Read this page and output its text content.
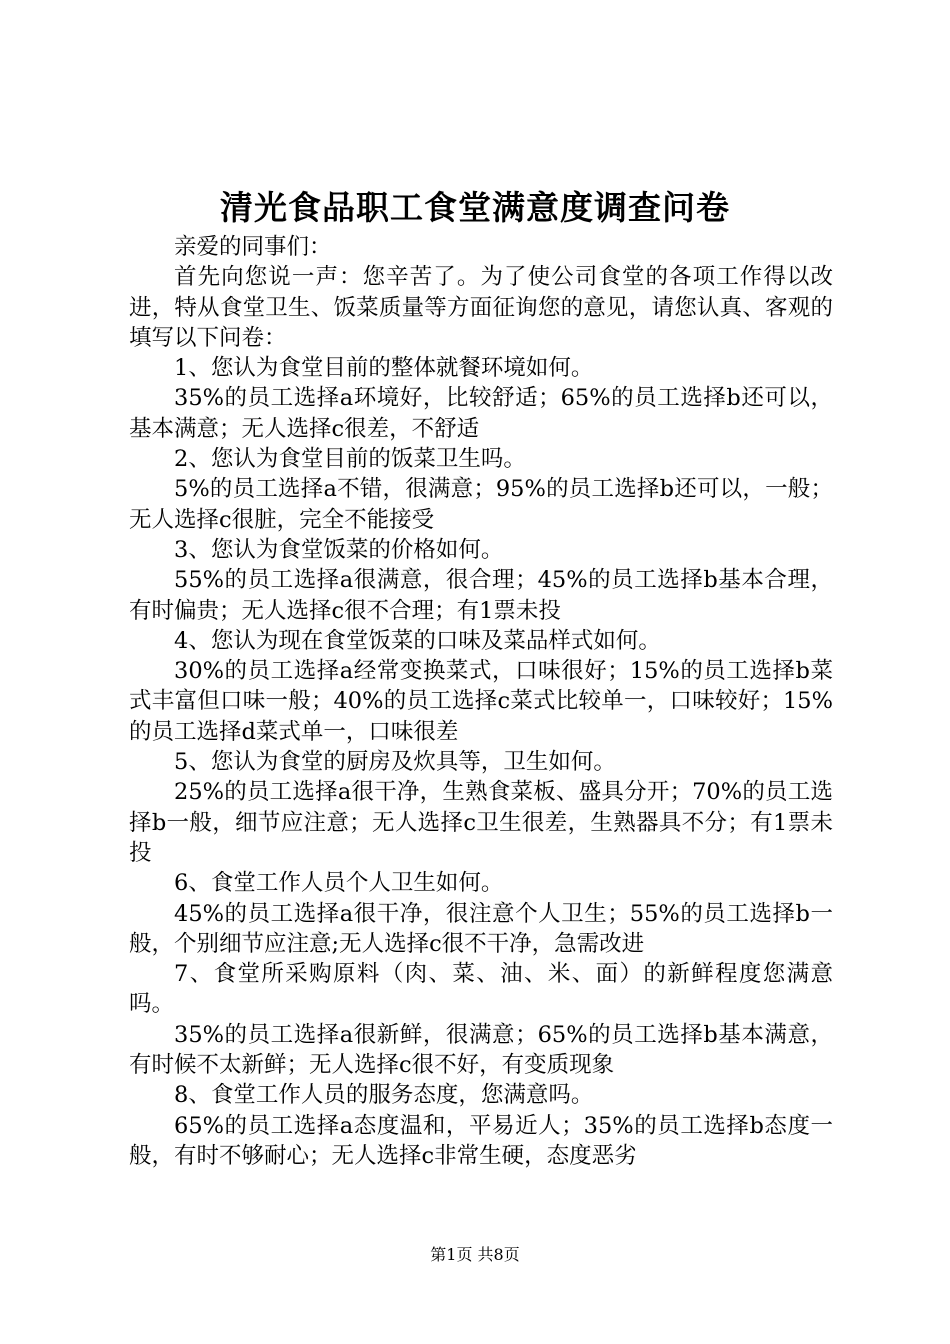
清光食品职工食堂满意度调查问卷

亲爱的同事们：

首先向您说一声：您辛苦了。为了使公司食堂的各项工作得以改进，特从食堂卫生、饭菜质量等方面征询您的意见，请您认真、客观的填写以下问卷：

1、您认为食堂目前的整体就餐环境如何。

35%的员工选择a环境好，比较舒适；65%的员工选择b还可以，基本满意；无人选择c很差，不舒适

2、您认为食堂目前的饭菜卫生吗。

5%的员工选择a不错，很满意；95%的员工选择b还可以，一般；无人选择c很脏，完全不能接受

3、您认为食堂饭菜的价格如何。

55%的员工选择a很满意，很合理；45%的员工选择b基本合理，有时偏贵；无人选择c很不合理；有1票未投

4、您认为现在食堂饭菜的口味及菜品样式如何。

30%的员工选择a经常变换菜式，口味很好；15%的员工选择b菜式丰富但口味一般；40%的员工选择c菜式比较单一，口味较好；15%的员工选择d菜式单一，口味很差

5、您认为食堂的厨房及炊具等，卫生如何。

25%的员工选择a很干净，生熟食菜板、盛具分开；70%的员工选择b一般，细节应注意；无人选择c卫生很差，生熟器具不分；有1票未投

6、食堂工作人员个人卫生如何。

45%的员工选择a很干净，很注意个人卫生；55%的员工选择b一般，个别细节应注意;无人选择c很不干净，急需改进

7、食堂所采购原料（肉、菜、油、米、面）的新鲜程度您满意吗。

35%的员工选择a很新鲜，很满意；65%的员工选择b基本满意，有时候不太新鲜；无人选择c很不好，有变质现象

8、食堂工作人员的服务态度，您满意吗。

65%的员工选择a态度温和，平易近人；35%的员工选择b态度一般，有时不够耐心；无人选择c非常生硬，态度恶劣

第1页 共8页
